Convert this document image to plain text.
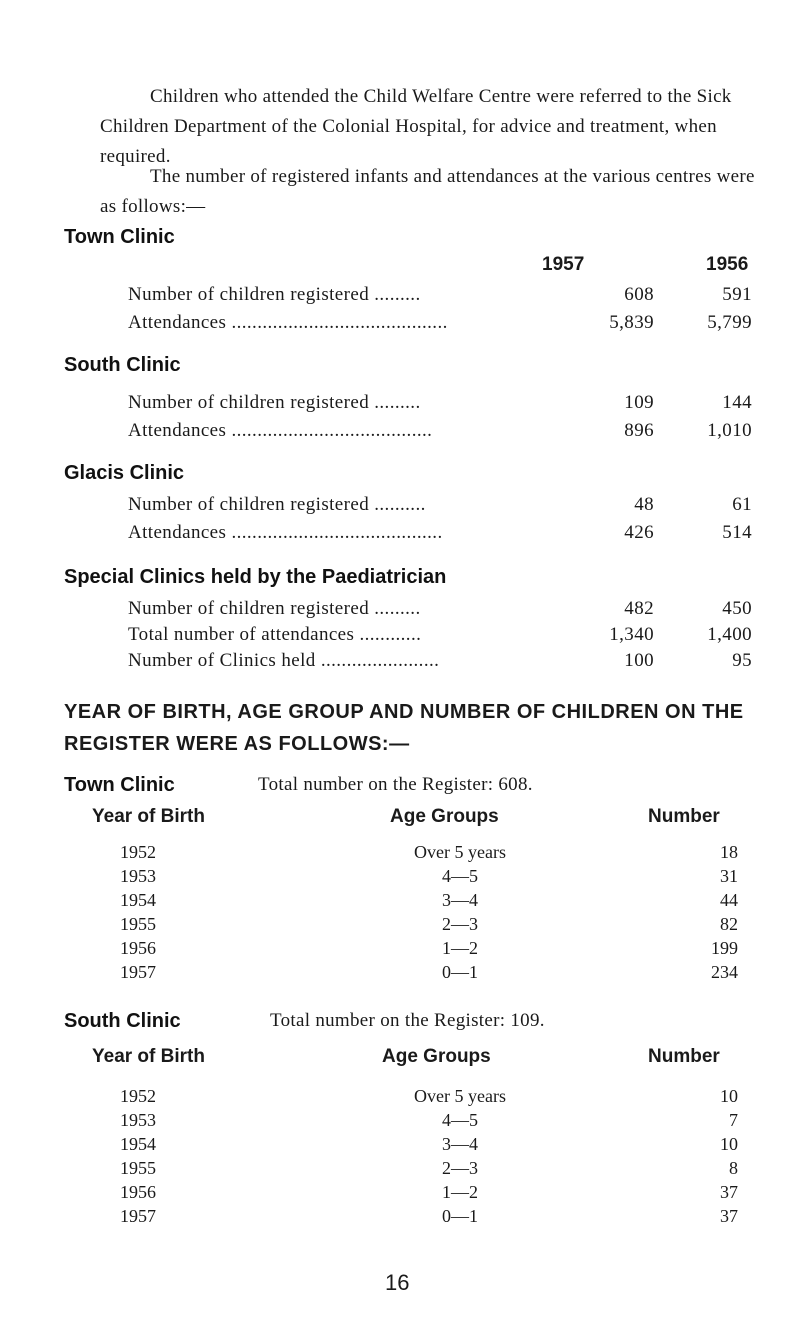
Children who attended the Child Welfare Centre were referred to the Sick Children Department of the Colonial Hospital, for advice and treatment, when required.

The number of registered infants and attendances at the various centres were as follows:—

Town Clinic
1957	1956
Number of children registered .........	608	591
Attendances ..........................................	5,839	5,799
South Clinic
Number of children registered .........	109	144
Attendances .......................................	896	1,010
Glacis Clinic
Number of children registered ..........	48	61
Attendances .........................................	426	514
Special Clinics held by the Paediatrician
Number of children registered .........	482	450
Total number of attendances ............	1,340	1,400
Number of Clinics held .......................	100	95
YEAR OF BIRTH, AGE GROUP AND NUMBER OF CHILDREN ON THE REGISTER WERE AS FOLLOWS:—
Town Clinic	Total number on the Register: 608.
Year of Birth	Age Groups	Number
1952	Over 5 years	18
1953	4—5	31
1954	3—4	44
1955	2—3	82
1956	1—2	199
1957	0—1	234
South Clinic	Total number on the Register: 109.
Year of Birth	Age Groups	Number
1952	Over 5 years	10
1953	4—5	7
1954	3—4	10
1955	2—3	8
1956	1—2	37
1957	0—1	37
16
